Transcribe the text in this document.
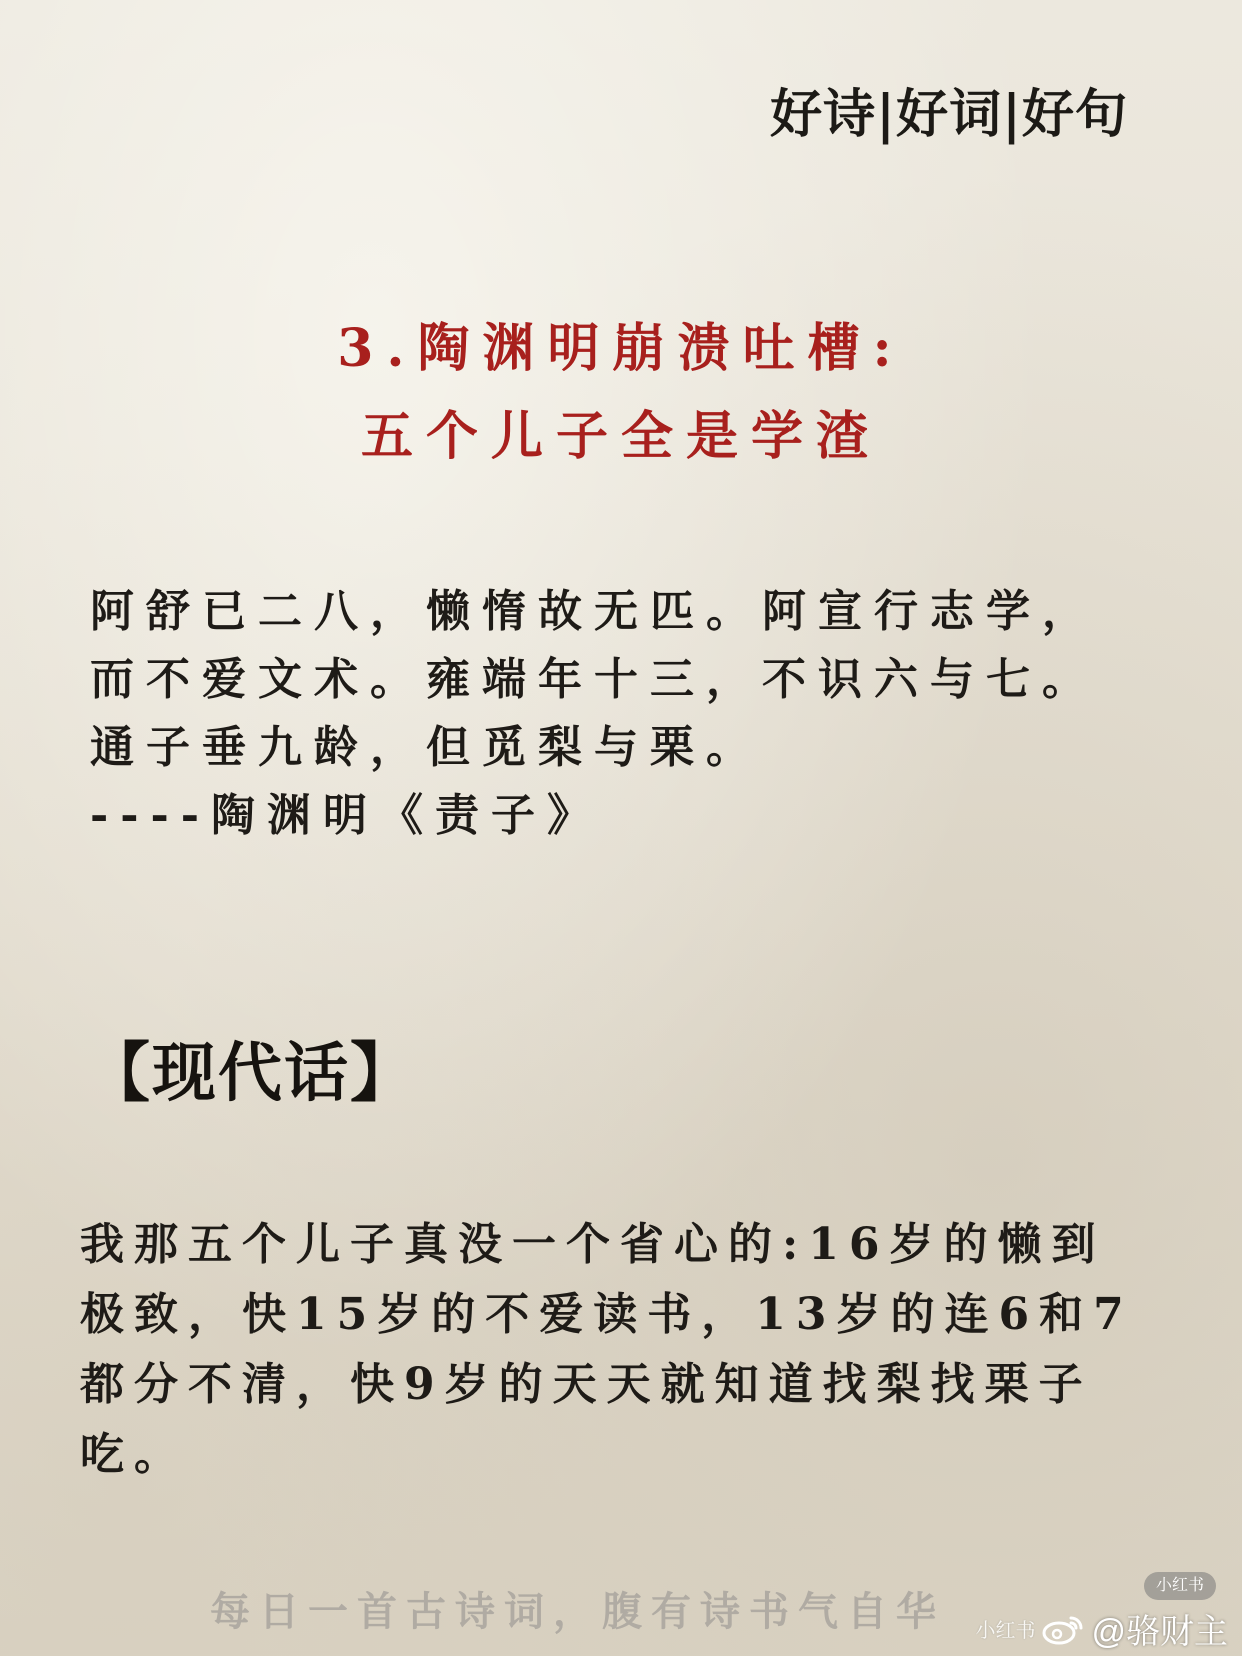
好诗|好词|好句
3.陶渊明崩溃吐槽:
五个儿子全是学渣
阿舒已二八，懒惰故无匹。阿宣行志学，
而不爱文术。雍端年十三，不识六与七。
通子垂九龄，但觅梨与栗。
----陶渊明《责子》
【现代话】
我那五个儿子真没一个省心的:16岁的懒到
极致，快15岁的不爱读书，13岁的连6和7
都分不清，快9岁的天天就知道找梨找栗子
吃。
每日一首古诗词，腹有诗书气自华
小红书
小红书 @骆财主
